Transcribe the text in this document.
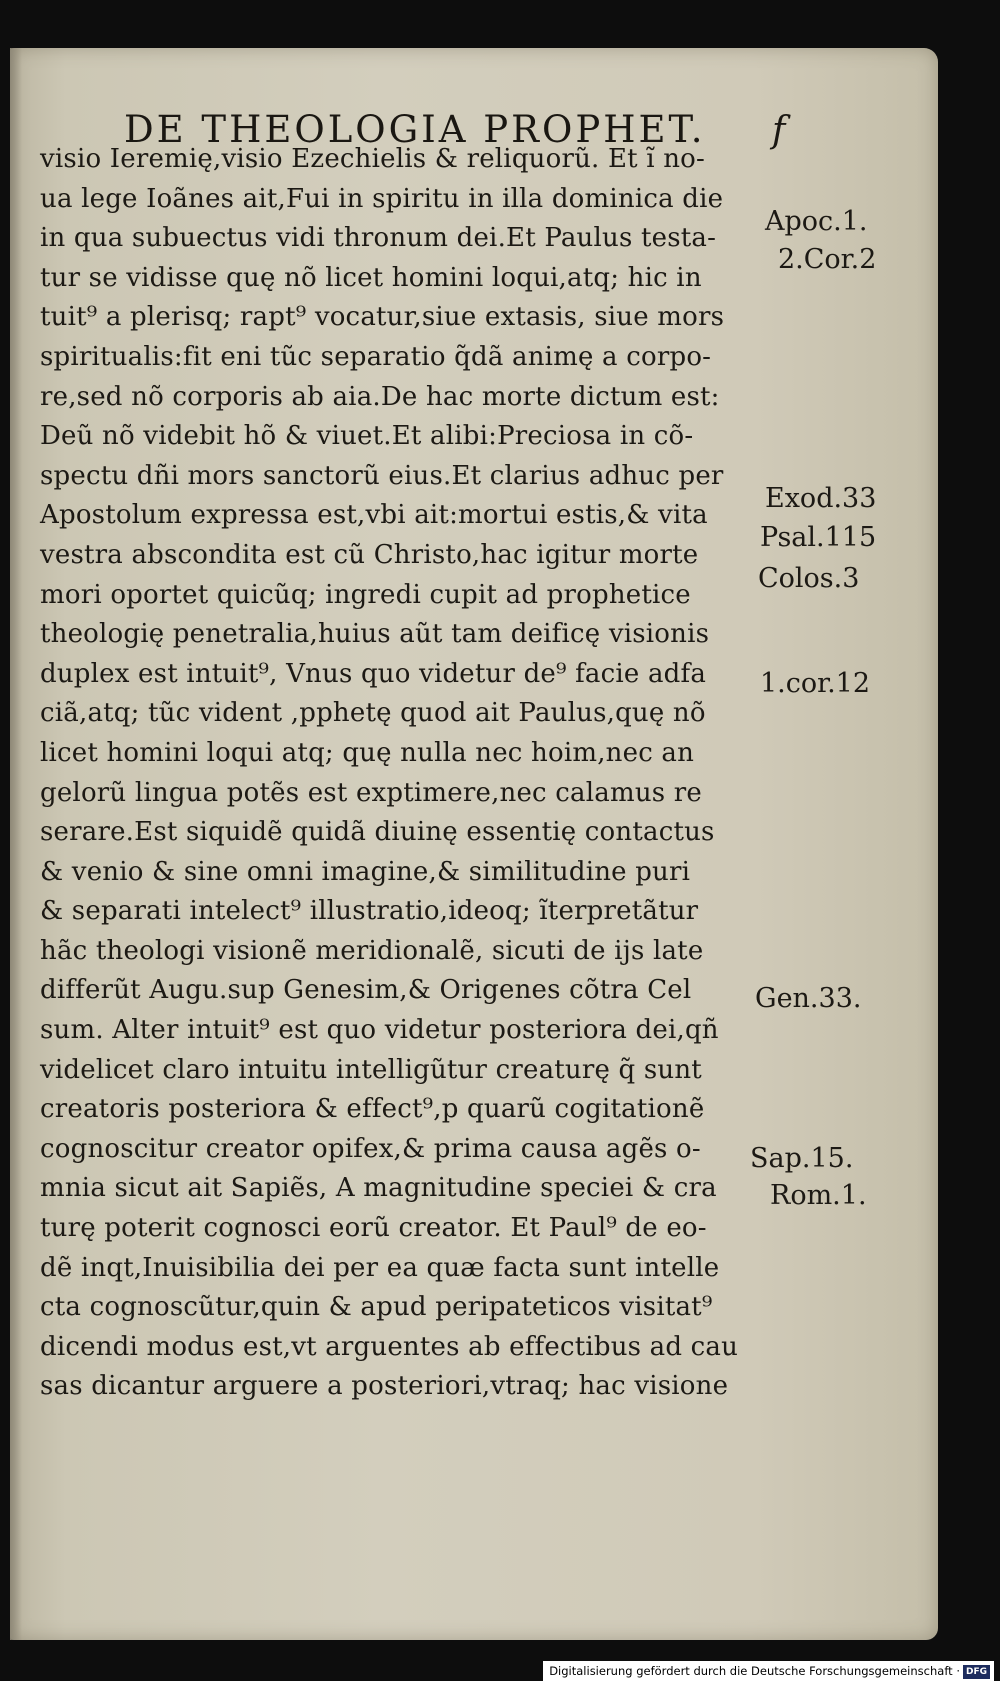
DE THEOLOGIA PROPHET. f
visio Ieremię,visio Ezechielis & reliquorũ. Et ĩ no-
ua lege Ioãnes ait,Fui in spiritu in illa dominica die
in qua subuectus vidi thronum dei.Et Paulus testa-
tur se vidisse quę nõ licet homini loqui,atq; hic in
tuit⁹ a plerisq; rapt⁹ vocatur,siue extasis, siue mors
spiritualis:fit eni tũc separatio q̃dã animę a corpo-
re,sed nõ corporis ab aia.De hac morte dictum est:
Deũ nõ videbit hõ & viuet.Et alibi:Preciosa in cõ-
spectu dñi mors sanctorũ eius.Et clarius adhuc per
Apostolum expressa est,vbi ait:mortui estis,& vita
vestra abscondita est cũ Christo,hac igitur morte
mori oportet quicũq; ingredi cupit ad prophetice
theologię penetralia,huius aũt tam deificę visionis
duplex est intuit⁹, Vnus quo videtur de⁹ facie adfa
ciã,atq; tũc vident ,pphetę quod ait Paulus,quę nõ
licet homini loqui atq; quę nulla nec hoim,nec an
gelorũ lingua potẽs est exptimere,nec calamus re
serare.Est siquidẽ quidã diuinę essentię contactus
& venio & sine omni imagine,& similitudine puri
& separati intelect⁹ illustratio,ideoq; ĩterpretãtur
hãc theologi visionẽ meridionalẽ, sicuti de ijs late
differũt Augu.sup Genesim,& Origenes cõtra Cel
sum. Alter intuit⁹ est quo videtur posteriora dei,qñ
videlicet claro intuitu intelligũtur creaturę q̃ sunt
creatoris posteriora & effect⁹,p quarũ cogitationẽ
cognoscitur creator opifex,& prima causa agẽs o-
mnia sicut ait Sapiẽs, A magnitudine speciei & cra
turę poterit cognosci eorũ creator. Et Paul⁹ de eo-
dẽ inqt,Inuisibilia dei per ea quæ facta sunt intelle
cta cognoscũtur,quin & apud peripateticos visitat⁹
dicendi modus est,vt arguentes ab effectibus ad cau
sas dicantur arguere a posteriori,vtraq; hac visione
Apoc.1.
2.Cor.2
Exod.33
Psal.115
Colos.3
1.cor.12
Gen.33.
Sap.15.
Rom.1.
Digitalisierung gefördert durch die Deutsche Forschungsgemeinschaft · DFG
